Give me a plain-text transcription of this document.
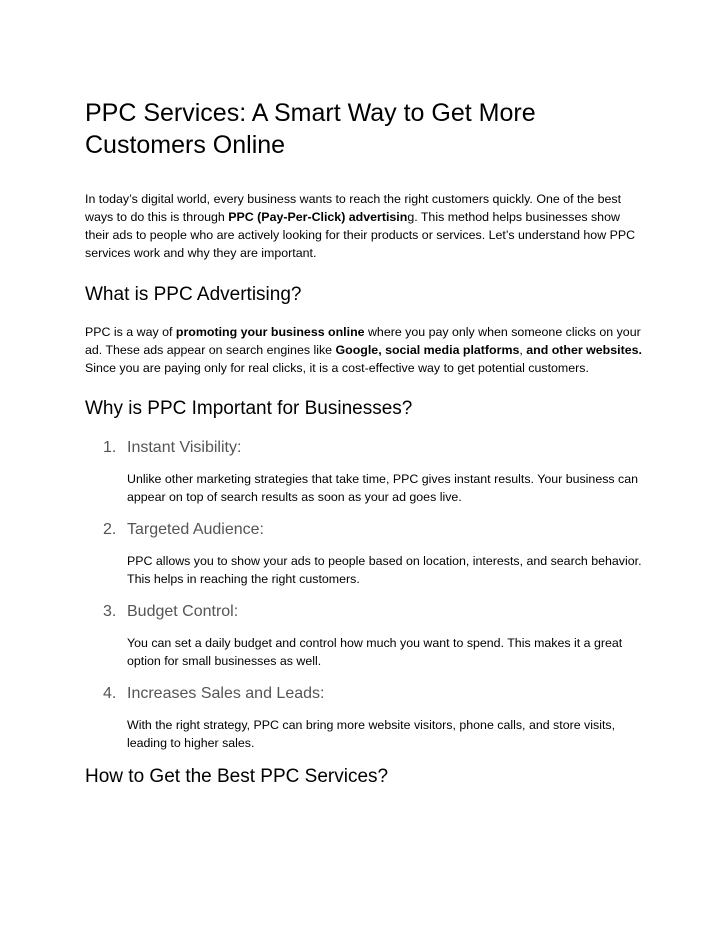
PPC Services: A Smart Way to Get More Customers Online

In today’s digital world, every business wants to reach the right customers quickly. One of the best ways to do this is through PPC (Pay-Per-Click) advertising. This method helps businesses show their ads to people who are actively looking for their products or services. Let’s understand how PPC services work and why they are important.

What is PPC Advertising?

PPC is a way of promoting your business online where you pay only when someone clicks on your ad. These ads appear on search engines like Google, social media platforms, and other websites. Since you are paying only for real clicks, it is a cost-effective way to get potential customers.

Why is PPC Important for Businesses?
1. Instant Visibility:

Unlike other marketing strategies that take time, PPC gives instant results. Your business can appear on top of search results as soon as your ad goes live.

2. Targeted Audience:

PPC allows you to show your ads to people based on location, interests, and search behavior. This helps in reaching the right customers.

3. Budget Control:

You can set a daily budget and control how much you want to spend. This makes it a great option for small businesses as well.

4. Increases Sales and Leads:

With the right strategy, PPC can bring more website visitors, phone calls, and store visits, leading to higher sales.

How to Get the Best PPC Services?
